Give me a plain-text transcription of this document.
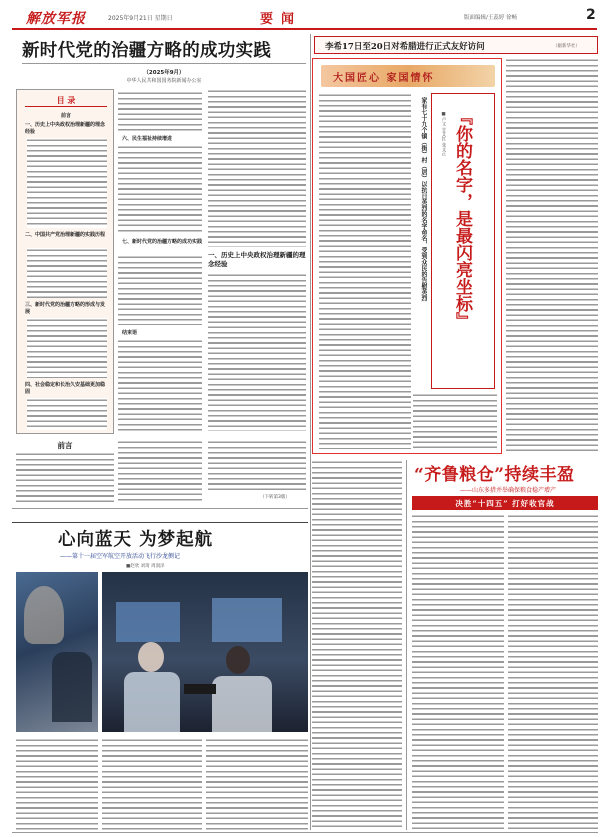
解放军报	2025年9月21日 星期日	要闻	版面编辑/王蕊婷 徐畅	2
新时代党的治疆方略的成功实践
（2025年9月）
中华人民共和国国务院新闻办公室
目 录
前言
一、历史上中央政权治理新疆的理念经验
二、中国共产党治理新疆的实践历程
三、新时代党的治疆方略的形成与发展
四、社会稳定和长治久安基础更加稳固
六、民生福祉持续增进
七、新时代党的治疆方略的成功实践
结束语
一、历史上中央政权治理新疆的理念经验
前言
（下转第3版）
李希17日至20日对希腊进行正式友好访问	（据新华社）
大国匠心 家国情怀
『你的名字，是最闪亮坐标』
■卢文 甘艾红 张文正
家有七十九个镇（街）村（居）以抗日英烈的名字命名，受到众民的告慰英烈
心向蓝天 为梦起航
——第十一届空军航空开放活动飞行沙龙侧记
■赵欣 刘琦 周润泽
“齐鲁粮仓”持续丰盈
——山东多措并举确保粮食稳产增产
决胜“十四五” 打好收官战
